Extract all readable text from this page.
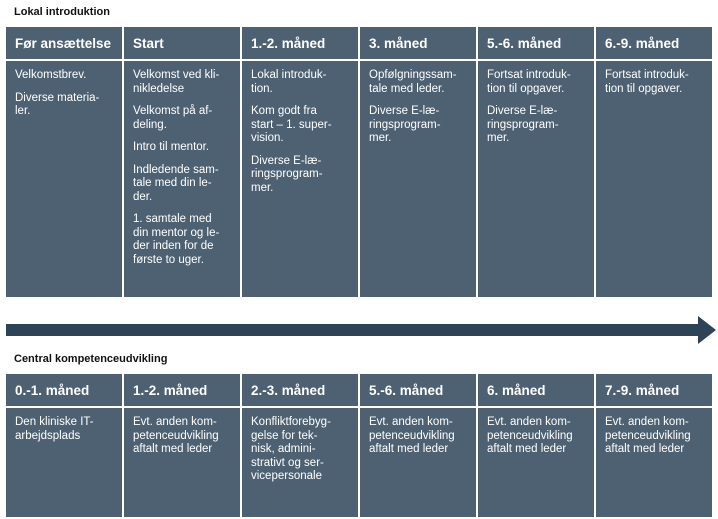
Lokal introduktion
Før ansættelse

Velkomstbrev.

Diverse materia-
ler.

Start

Velkomst ved kli-
nikledelse

Velkomst på af-
deling.

Intro til mentor.

Indledende sam-
tale med din le-
der.

1. samtale med
din mentor og le-
der inden for de
første to uger.

1.-2. måned

Lokal introduk-
tion.

Kom godt fra
start – 1. super-
vision.

Diverse E-læ-
ringsprogram-
mer.

3. måned

Opfølgningssam-
tale med leder.

Diverse E-læ-
ringsprogram-
mer.

5.-6. måned

Fortsat introduk-
tion til opgaver.

Diverse E-læ-
ringsprogram-
mer.

6.-9. måned

Fortsat introduk-
tion til opgaver.

Central kompetenceudvikling
0.-1. måned

Den kliniske IT-
arbejdsplads

1.-2. måned

Evt. anden kom-
petenceudvikling
aftalt med leder

2.-3. måned

Konfliktforebyg-
gelse for tek-
nisk, admini-
strativt og ser-
vicepersonale

5.-6. måned

Evt. anden kom-
petenceudvikling
aftalt med leder

6. måned

Evt. anden kom-
petenceudvikling
aftalt med leder

7.-9. måned

Evt. anden kom-
petenceudvikling
aftalt med leder
